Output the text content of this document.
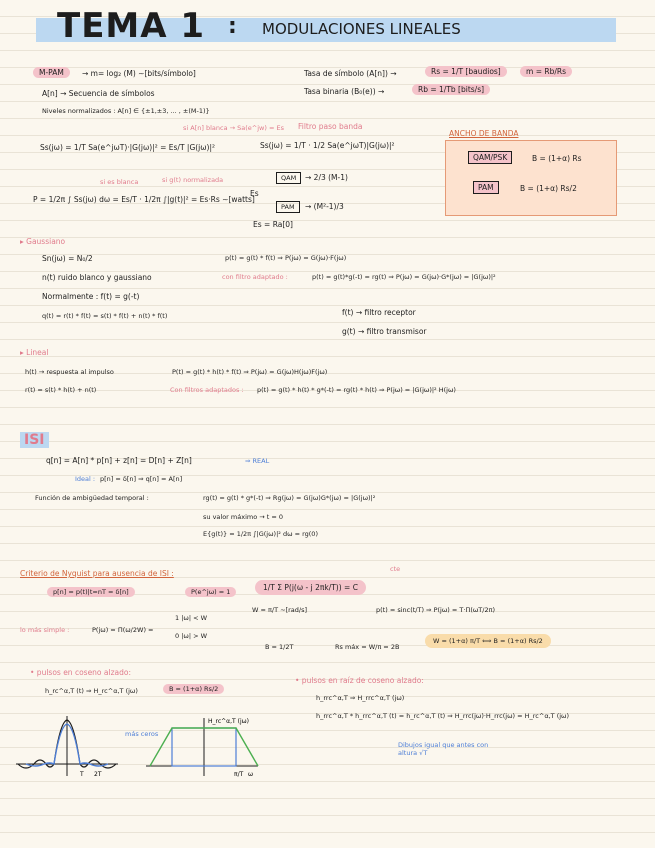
TEMA 1 : MODULACIONES LINEALES
M-PAM	→ m= log₂ (M) ∼[bits/símbolo]
A[n] → Secuencia de símbolos
Niveles normalizados : A[n] ∈ {±1,±3, ... , ±(M-1)}
Tasa de símbolo (A[n]) →	Rs = 1/T [baudios]	m = Rb/Rs
Tasa binaria (B₀(e)) →	Rb = 1/Tb [bits/s]
si A[n] blanca → Sa(e^jw) = Es Filtro paso banda
Ss(jω) = 1/T Sa(e^jωT)·|G(jω)|² = Es/T |G(jω)|²	Ss(jω) = 1/T · 1/2 Sa(e^jωT)|G(jω)|²
ANCHO DE BANDA
QAM/PSK	B = (1+α) Rs
PAM	B = (1+α) Rs/2
si es blanca	si g(t) normalizada
P = 1/2π ∫ Ss(jω) dω = Es/T · 1/2π ∫|g(t)|² = Es·Rs ∼[watts]
Es
QAM	→ 2/3 (M-1)
PAM	→ (M²-1)/3
Es = Ra[0]
▸ Gaussiano
Sn(jω) = N₀/2
n(t) ruido blanco y gaussiano
Normalmente : f(t) = g(-t)
q(t) = r(t) * f(t) = s(t) * f(t) + n(t) * f(t)
p(t) = g(t) * f(t) ⇒ P(jω) = G(jω)·F(jω)
con filtro adaptado :	p(t) = g(t)*g(-t) = rg(t) ⇒ P(jω) = G(jω)·G*(jω) = |G(jω)|²
f(t) → filtro receptor
g(t) → filtro transmisor
▸ Lineal
h(t) → respuesta al impulso
r(t) = s(t) * h(t) + n(t)
P(t) = g(t) * h(t) * f(t) ⇒ P(jω) = G(jω)H(jω)F(jω)
Con filtros adaptados : p(t) = g(t) * h(t) * g*(-t) = rg(t) * h(t) ⇒ P(jω) = |G(jω)|² H(jω)
ISI
q[n] = A[n] * p[n] + z[n] = D[n] + Z[n]	⇒ REAL
Ideal : p[n] = δ[n] ⇒ q[n] = A[n]
Función de ambigüedad temporal :	rg(t) = g(t) * g*(-t) ⇒ Rg(jω) = G(jω)G*(jω) = |G(jω)|²
su valor máximo → t = 0
E{g(t)} = 1/2π ∫|G(jω)|² dω = rg(0)
Criterio de Nyquist para ausencia de ISI :	cte
p[n] = p(t)|t=nT = δ[n]	P(e^jω) = 1	1/T Σ P(j(ω - j 2πk/T)) = C
lo más simple :	P(jω) = Π(ω/2W) =
1 |ω| < W
0 |ω| > W
W = π/T ∼[rad/s]	p(t) = sinc(t/T) ⇒ P(jω) = T·Π(ωT/2π)
B = 1/2T	Rs máx = W/π = 2B
W = (1+α) π/T ⟺ B = (1+α) Rs/2
• pulsos en coseno alzado:
h_rc^α,T (t) ⇒ H_rc^α,T (jω)	B = (1+α) Rs/2
• pulsos en raíz de coseno alzado:
h_rrc^α,T ⇒ H_rrc^α,T (jω)
h_rrc^α,T * h_rrc^α,T (t) = h_rc^α,T (t) ⇒ H_rrc(jω)·H_rrc(jω) = H_rc^α,T (jω)
más ceros
Dibujos igual que antes con altura √T
T 2T
H_rc^α,T (jω)
π/T ω
